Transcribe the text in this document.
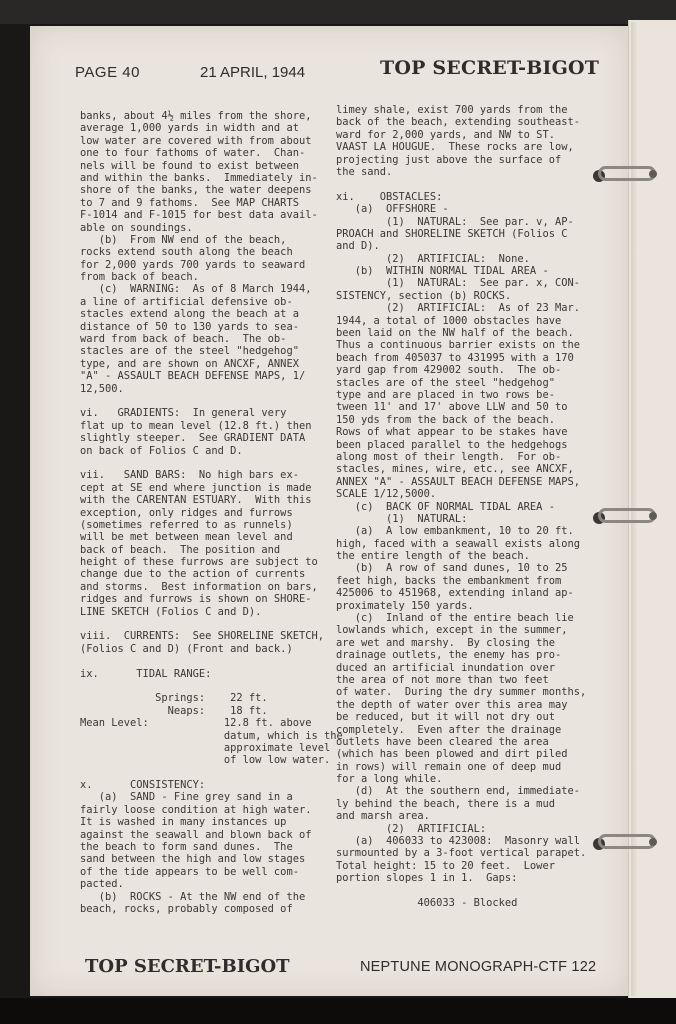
PAGE 40	21 APRIL, 1944	TOP SECRET-BIGOT
banks, about 4½ miles from the shore,
average 1,000 yards in width and at
low water are covered with from about
one to four fathoms of water.  Chan-
nels will be found to exist between
and within the banks.  Immediately in-
shore of the banks, the water deepens
to 7 and 9 fathoms.  See MAP CHARTS
F-1014 and F-1015 for best data avail-
able on soundings.
(b)  From NW end of the beach,
rocks extend south along the beach
for 2,000 yards 700 yards to seaward
from back of beach.
(c)  WARNING:  As of 8 March 1944,
a line of artificial defensive ob-
stacles extend along the beach at a
distance of 50 to 130 yards to sea-
ward from back of beach.  The ob-
stacles are of the steel "hedgehog"
type, and are shown on ANCXF, ANNEX
"A" - ASSAULT BEACH DEFENSE MAPS, 1/
12,500.
vi.   GRADIENTS:  In general very
flat up to mean level (12.8 ft.) then
slightly steeper.  See GRADIENT DATA
on back of Folios C and D.
vii.   SAND BARS:  No high bars ex-
cept at SE end where junction is made
with the CARENTAN ESTUARY.  With this
exception, only ridges and furrows
(sometimes referred to as runnels)
will be met between mean level and
back of beach.  The position and
height of these furrows are subject to
change due to the action of currents
and storms.  Best information on bars,
ridges and furrows is shown on SHORE-
LINE SKETCH (Folios C and D).
viii.  CURRENTS:  See SHORELINE SKETCH,
(Folios C and D) (Front and back.)
ix.      TIDAL RANGE:
Springs:    22 ft.
Neaps:    18 ft.
Mean Level:            12.8 ft. above
datum, which is the
approximate level
of low low water.
x.      CONSISTENCY:
(a)  SAND - Fine grey sand in a
fairly loose condition at high water.
It is washed in many instances up
against the seawall and blown back of
the beach to form sand dunes.  The
sand between the high and low stages
of the tide appears to be well com-
pacted.
(b)  ROCKS - At the NW end of the
beach, rocks, probably composed of
limey shale, exist 700 yards from the
back of the beach, extending southeast-
ward for 2,000 yards, and NW to ST.
VAAST LA HOUGUE.  These rocks are low,
projecting just above the surface of
the sand.
xi.    OBSTACLES:
(a)  OFFSHORE -
(1)  NATURAL:  See par. v, AP-
PROACH and SHORELINE SKETCH (Folios C
and D).
(2)  ARTIFICIAL:  None.
(b)  WITHIN NORMAL TIDAL AREA -
(1)  NATURAL:  See par. x, CON-
SISTENCY, section (b) ROCKS.
(2)  ARTIFICIAL:  As of 23 Mar.
1944, a total of 1000 obstacles have
been laid on the NW half of the beach.
Thus a continuous barrier exists on the
beach from 405037 to 431995 with a 170
yard gap from 429002 south.  The ob-
stacles are of the steel "hedgehog"
type and are placed in two rows be-
tween 11' and 17' above LLW and 50 to
150 yds from the back of the beach.
Rows of what appear to be stakes have
been placed parallel to the hedgehogs
along most of their length.  For ob-
stacles, mines, wire, etc., see ANCXF,
ANNEX "A" - ASSAULT BEACH DEFENSE MAPS,
SCALE 1/12,5000.
(c)  BACK OF NORMAL TIDAL AREA -
(1)  NATURAL:
(a)  A low embankment, 10 to 20 ft.
high, faced with a seawall exists along
the entire length of the beach.
(b)  A row of sand dunes, 10 to 25
feet high, backs the embankment from
425006 to 451968, extending inland ap-
proximately 150 yards.
(c)  Inland of the entire beach lie
lowlands which, except in the summer,
are wet and marshy.  By closing the
drainage outlets, the enemy has pro-
duced an artificial inundation over
the area of not more than two feet
of water.  During the dry summer months,
the depth of water over this area may
be reduced, but it will not dry out
completely.  Even after the drainage
outlets have been cleared the area
(which has been plowed and dirt piled
in rows) will remain one of deep mud
for a long while.
(d)  At the southern end, immediate-
ly behind the beach, there is a mud
and marsh area.
(2)  ARTIFICIAL:
(a)  406033 to 423008:  Masonry wall
surmounted by a 3-foot vertical parapet.
Total height: 15 to 20 feet.  Lower
portion slopes 1 in 1.  Gaps:
406033 - Blocked
TOP SECRET-BIGOT	NEPTUNE MONOGRAPH-CTF 122
